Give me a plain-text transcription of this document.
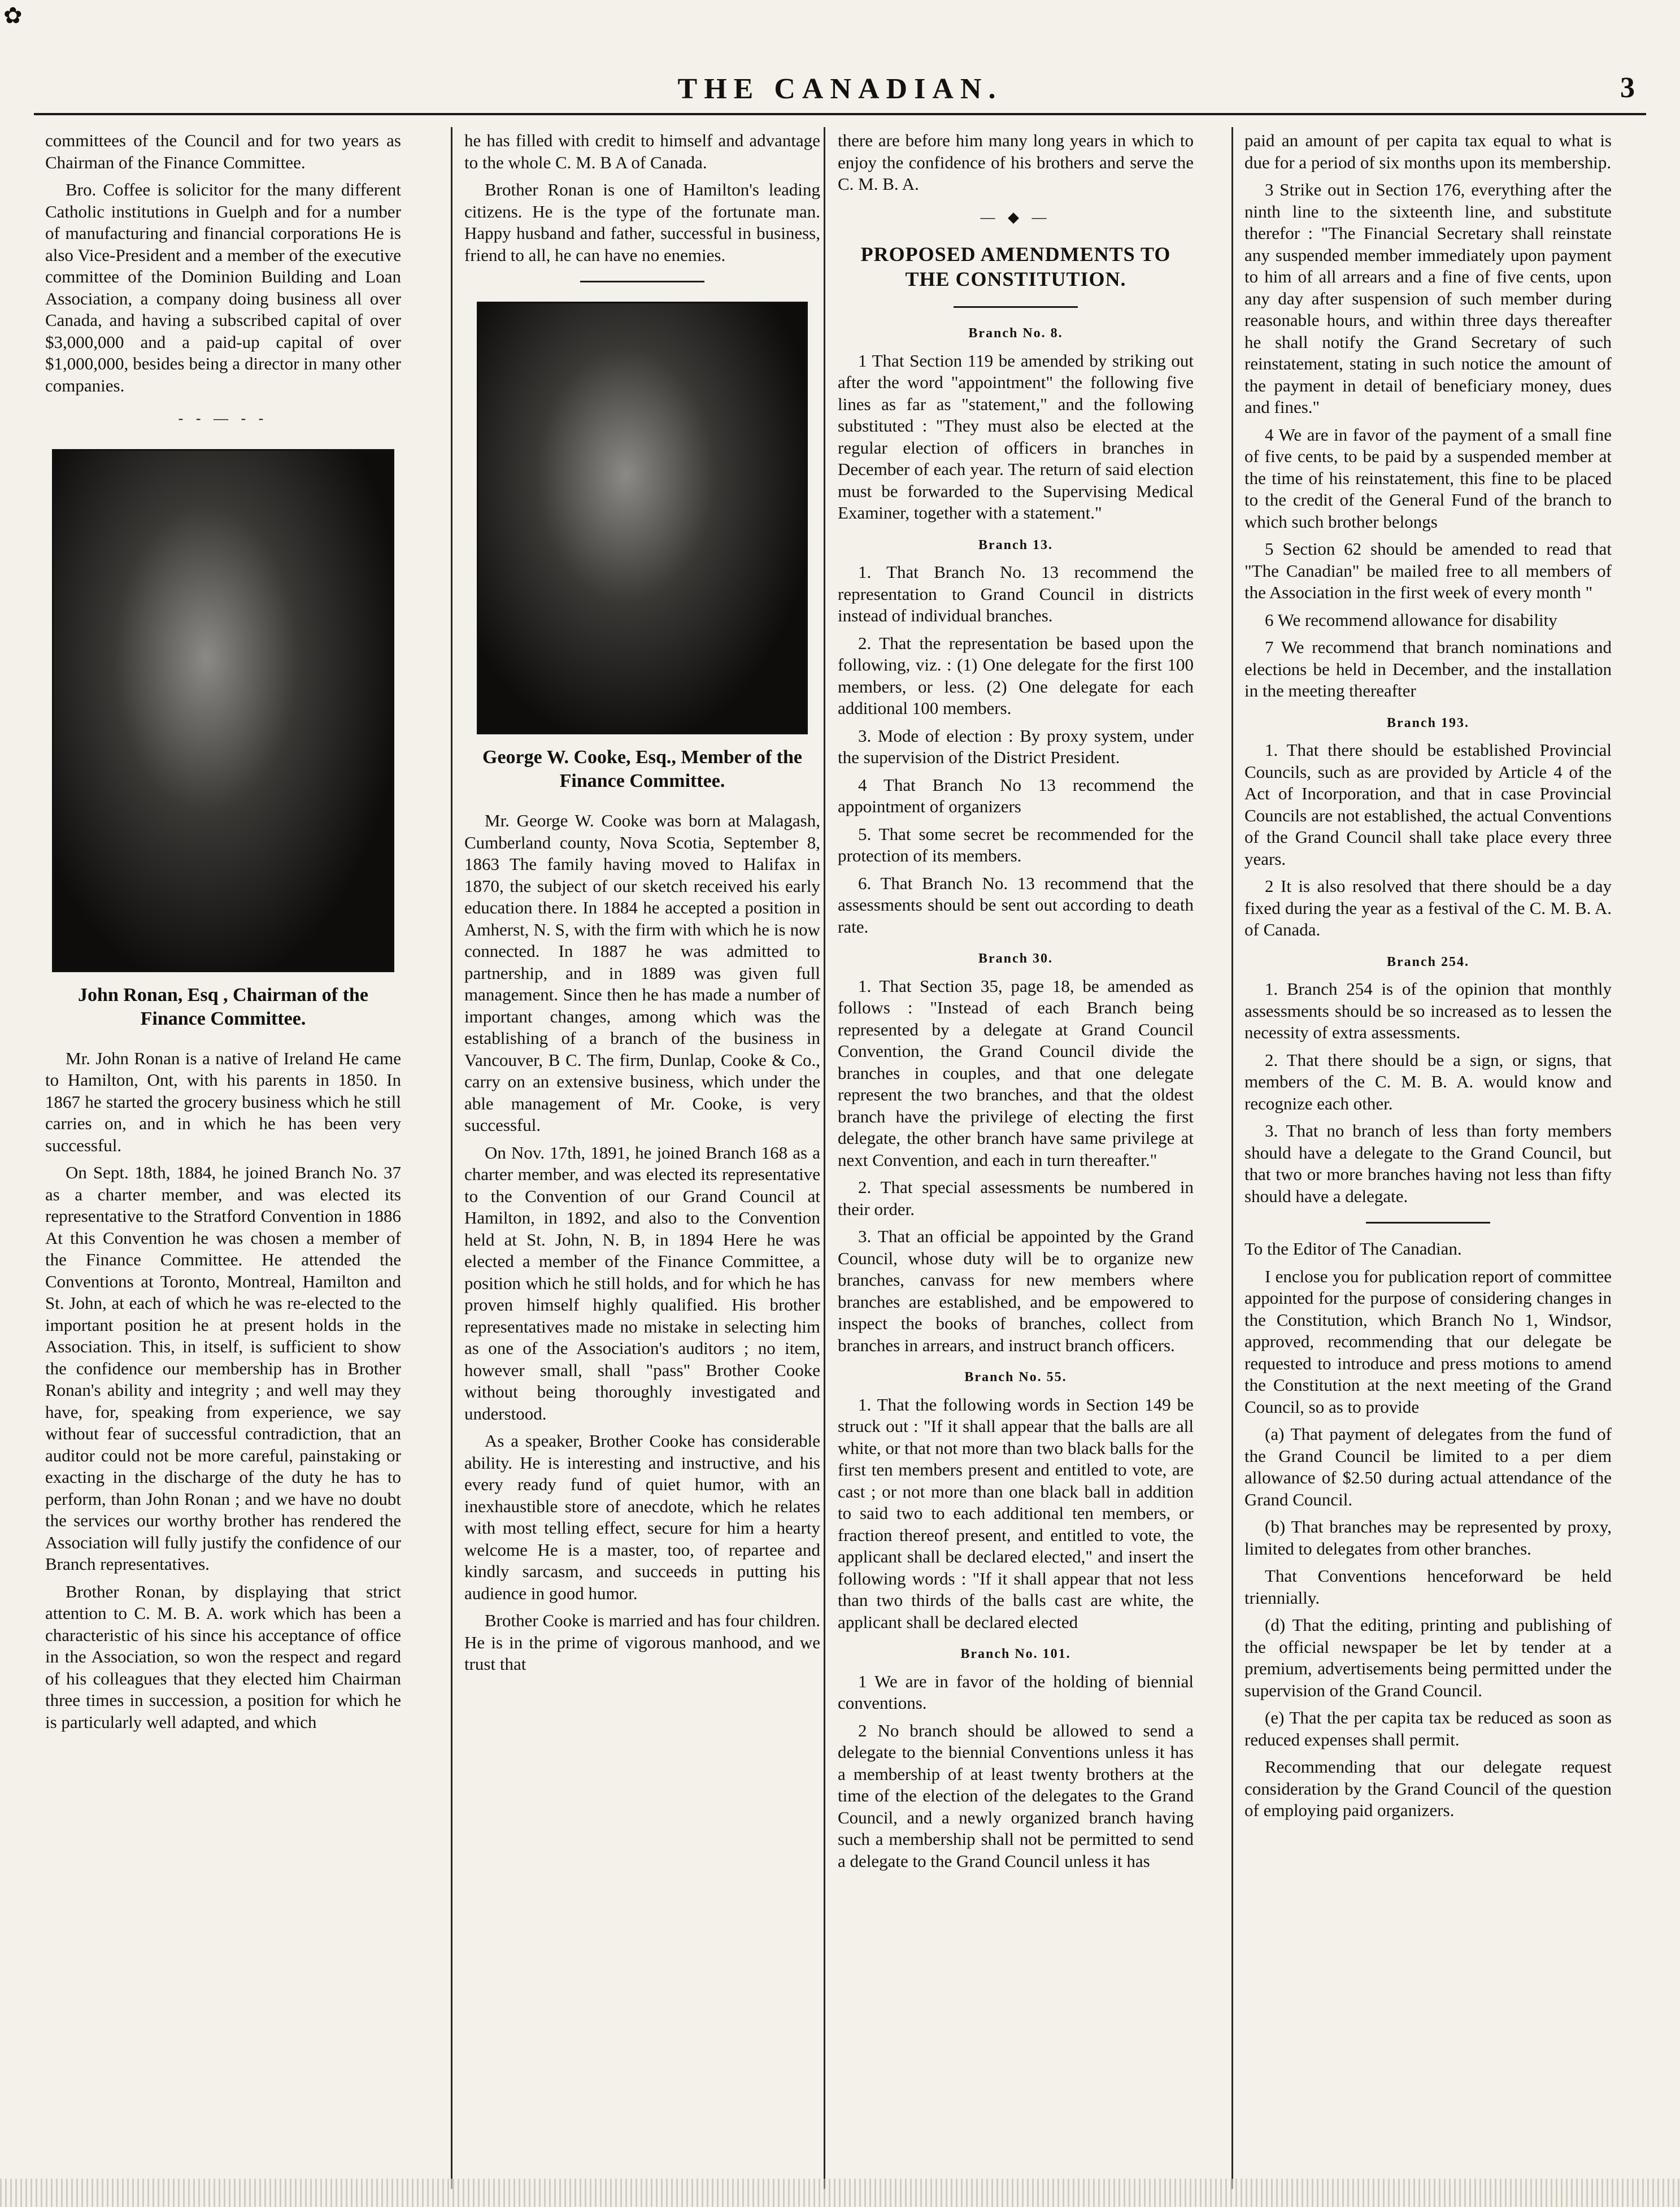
✿
THE CANADIAN.	3

committees of the Council and for two years as Chairman of the Finance Committee.

Bro. Coffee is solicitor for the many different Catholic institutions in Guelph and for a number of manufacturing and financial corporations He is also Vice-President and a member of the executive committee of the Dominion Building and Loan Association, a company doing business all over Canada, and having a subscribed capital of over $3,000,000 and a paid-up capital of over $1,000,000, besides being a director in many other companies.

- - — - -
John Ronan, Esq , Chairman of the Finance Committee.

Mr. John Ronan is a native of Ireland He came to Hamilton, Ont, with his parents in 1850. In 1867 he started the grocery business which he still carries on, and in which he has been very successful.

On Sept. 18th, 1884, he joined Branch No. 37 as a charter member, and was elected its representative to the Stratford Convention in 1886 At this Convention he was chosen a member of the Finance Committee. He attended the Conventions at Toronto, Montreal, Hamilton and St. John, at each of which he was re-elected to the important position he at present holds in the Association. This, in itself, is sufficient to show the confidence our membership has in Brother Ronan's ability and integrity ; and well may they have, for, speaking from experience, we say without fear of successful contradiction, that an auditor could not be more careful, painstaking or exacting in the discharge of the duty he has to perform, than John Ronan ; and we have no doubt the services our worthy brother has rendered the Association will fully justify the confidence of our Branch representatives.

Brother Ronan, by displaying that strict attention to C. M. B. A. work which has been a characteristic of his since his acceptance of office in the Association, so won the respect and regard of his colleagues that they elected him Chairman three times in succession, a position for which he is particularly well adapted, and which

he has filled with credit to himself and advantage to the whole C. M. B A of Canada.

Brother Ronan is one of Hamilton's leading citizens. He is the type of the fortunate man. Happy husband and father, successful in business, friend to all, he can have no enemies.

George W. Cooke, Esq., Member of the Finance Committee.

Mr. George W. Cooke was born at Malagash, Cumberland county, Nova Scotia, September 8, 1863 The family having moved to Halifax in 1870, the subject of our sketch received his early education there. In 1884 he accepted a position in Amherst, N. S, with the firm with which he is now connected. In 1887 he was admitted to partnership, and in 1889 was given full management. Since then he has made a number of important changes, among which was the establishing of a branch of the business in Vancouver, B C. The firm, Dunlap, Cooke & Co., carry on an extensive business, which under the able management of Mr. Cooke, is very successful.

On Nov. 17th, 1891, he joined Branch 168 as a charter member, and was elected its representative to the Convention of our Grand Council at Hamilton, in 1892, and also to the Convention held at St. John, N. B, in 1894 Here he was elected a member of the Finance Committee, a position which he still holds, and for which he has proven himself highly qualified. His brother representatives made no mistake in selecting him as one of the Association's auditors ; no item, however small, shall "pass" Brother Cooke without being thoroughly investigated and understood.

As a speaker, Brother Cooke has considerable ability. He is interesting and instructive, and his every ready fund of quiet humor, with an inexhaustible store of anecdote, which he relates with most telling effect, secure for him a hearty welcome He is a master, too, of repartee and kindly sarcasm, and succeeds in putting his audience in good humor.

Brother Cooke is married and has four children. He is in the prime of vigorous manhood, and we trust that

there are before him many long years in which to enjoy the confidence of his brothers and serve the C. M. B. A.

— ◆ —
PROPOSED AMENDMENTS TO THE CONSTITUTION.
Branch No. 8.

1 That Section 119 be amended by striking out after the word "appointment" the following five lines as far as "statement," and the following substituted : "They must also be elected at the regular election of officers in branches in December of each year. The return of said election must be forwarded to the Supervising Medical Examiner, together with a statement."

Branch 13.

1. That Branch No. 13 recommend the representation to Grand Council in districts instead of individual branches.

2. That the representation be based upon the following, viz. : (1) One delegate for the first 100 members, or less. (2) One delegate for each additional 100 members.

3. Mode of election : By proxy system, under the supervision of the District President.

4 That Branch No 13 recommend the appointment of organizers

5. That some secret be recommended for the protection of its members.

6. That Branch No. 13 recommend that the assessments should be sent out according to death rate.

Branch 30.

1. That Section 35, page 18, be amended as follows : "Instead of each Branch being represented by a delegate at Grand Council Convention, the Grand Council divide the branches in couples, and that one delegate represent the two branches, and that the oldest branch have the privilege of electing the first delegate, the other branch have same privilege at next Convention, and each in turn thereafter."

2. That special assessments be numbered in their order.

3. That an official be appointed by the Grand Council, whose duty will be to organize new branches, canvass for new members where branches are established, and be empowered to inspect the books of branches, collect from branches in arrears, and instruct branch officers.

Branch No. 55.

1. That the following words in Section 149 be struck out : "If it shall appear that the balls are all white, or that not more than two black balls for the first ten members present and entitled to vote, are cast ; or not more than one black ball in addition to said two to each additional ten members, or fraction thereof present, and entitled to vote, the applicant shall be declared elected," and insert the following words : "If it shall appear that not less than two thirds of the balls cast are white, the applicant shall be declared elected

Branch No. 101.

1 We are in favor of the holding of biennial conventions.

2 No branch should be allowed to send a delegate to the biennial Conventions unless it has a membership of at least twenty brothers at the time of the election of the delegates to the Grand Council, and a newly organized branch having such a membership shall not be permitted to send a delegate to the Grand Council unless it has

paid an amount of per capita tax equal to what is due for a period of six months upon its membership.

3 Strike out in Section 176, everything after the ninth line to the sixteenth line, and substitute therefor : "The Financial Secretary shall reinstate any suspended member immediately upon payment to him of all arrears and a fine of five cents, upon any day after suspension of such member during reasonable hours, and within three days thereafter he shall notify the Grand Secretary of such reinstatement, stating in such notice the amount of the payment in detail of beneficiary money, dues and fines."

4 We are in favor of the payment of a small fine of five cents, to be paid by a suspended member at the time of his reinstatement, this fine to be placed to the credit of the General Fund of the branch to which such brother belongs

5 Section 62 should be amended to read that "The Canadian" be mailed free to all members of the Association in the first week of every month "

6 We recommend allowance for disability

7 We recommend that branch nominations and elections be held in December, and the installation in the meeting thereafter

Branch 193.

1. That there should be established Provincial Councils, such as are provided by Article 4 of the Act of Incorporation, and that in case Provincial Councils are not established, the actual Conventions of the Grand Council shall take place every three years.

2 It is also resolved that there should be a day fixed during the year as a festival of the C. M. B. A. of Canada.

Branch 254.

1. Branch 254 is of the opinion that monthly assessments should be so increased as to lessen the necessity of extra assessments.

2. That there should be a sign, or signs, that members of the C. M. B. A. would know and recognize each other.

3. That no branch of less than forty members should have a delegate to the Grand Council, but that two or more branches having not less than fifty should have a delegate.

To the Editor of The Canadian.

I enclose you for publication report of committee appointed for the purpose of considering changes in the Constitution, which Branch No 1, Windsor, approved, recommending that our delegate be requested to introduce and press motions to amend the Constitution at the next meeting of the Grand Council, so as to provide

(a) That payment of delegates from the fund of the Grand Council be limited to a per diem allowance of $2.50 during actual attendance of the Grand Council.

(b) That branches may be represented by proxy, limited to delegates from other branches.

That Conventions henceforward be held triennially.

(d) That the editing, printing and publishing of the official newspaper be let by tender at a premium, advertisements being permitted under the supervision of the Grand Council.

(e) That the per capita tax be reduced as soon as reduced expenses shall permit.

Recommending that our delegate request consideration by the Grand Council of the question of employing paid organizers.
